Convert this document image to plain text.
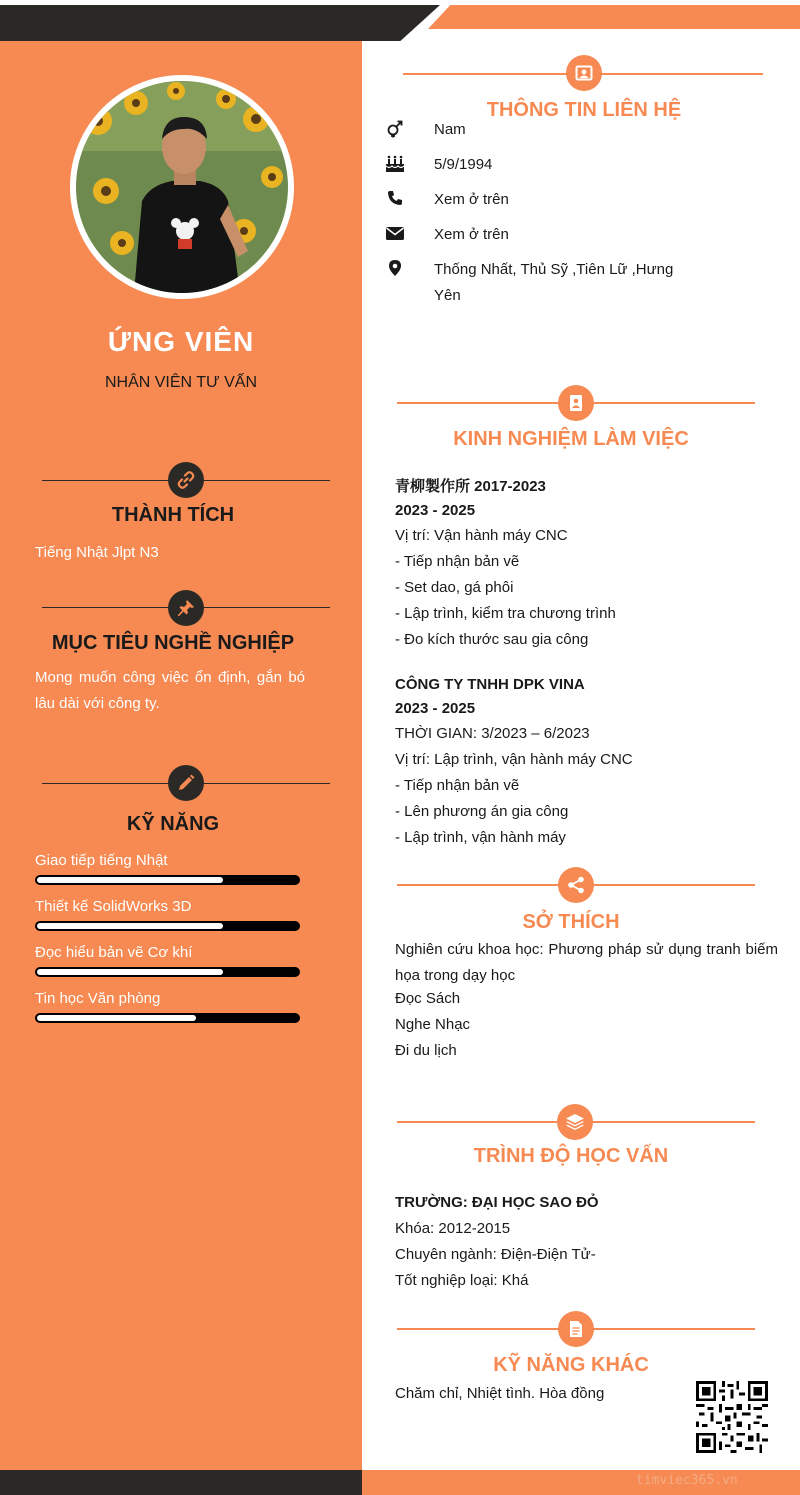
ỨNG VIÊN
NHÂN VIÊN TƯ VẤN
THÀNH TÍCH
Tiếng Nhật Jlpt N3
MỤC TIÊU NGHỀ NGHIỆP
Mong muốn công việc ổn định, gắn bó lâu dài với công ty.
KỸ NĂNG
Giao tiếp tiếng Nhật
Thiết kế SolidWorks 3D
Đọc hiểu bản vẽ Cơ khí
Tin học Văn phòng
THÔNG TIN LIÊN HỆ
Nam
5/9/1994
Xem ở trên
Xem ở trên
Thống Nhất, Thủ Sỹ ,Tiên Lữ ,Hưng Yên
KINH NGHIỆM LÀM VIỆC
青柳製作所 2017-2023
2023 - 2025
Vị trí: Vận hành máy CNC
- Tiếp nhận bản vẽ
- Set dao, gá phôi
- Lập trình, kiểm tra chương trình
- Đo kích thước sau gia công
CÔNG TY TNHH DPK VINA
2023 - 2025
THỜI GIAN: 3/2023 – 6/2023
Vị trí: Lập trình, vận hành máy CNC
- Tiếp nhận bản vẽ
- Lên phương án gia công
- Lập trình, vận hành máy
SỞ THÍCH
Nghiên cứu khoa học: Phương pháp sử dụng tranh biếm họa trong dạy học
Đọc Sách
Nghe Nhạc
Đi du lịch
TRÌNH ĐỘ HỌC VẤN
TRƯỜNG: ĐẠI HỌC SAO ĐỎ
Khóa: 2012-2015
Chuyên ngành: Điện-Điện Tử-
Tốt nghiệp loại: Khá
KỸ NĂNG KHÁC
Chăm chỉ, Nhiệt tình. Hòa đồng
timviec365.vn
